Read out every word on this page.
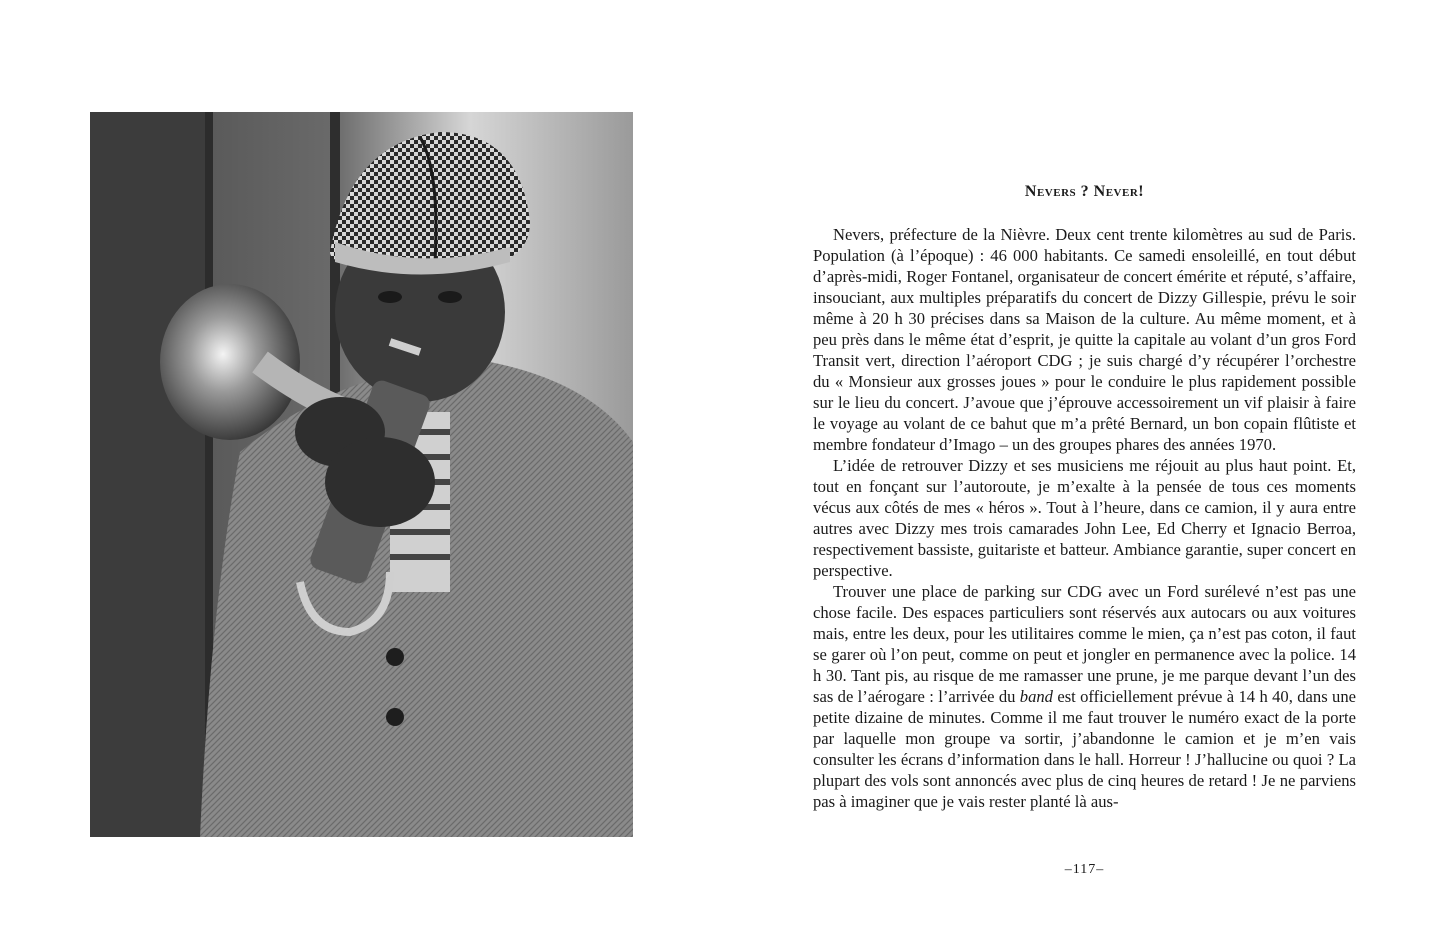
Nevers ? Never!

Nevers, préfecture de la Nièvre. Deux cent trente kilomètres au sud de Paris. Population (à l’époque) : 46 000 habitants. Ce samedi ensoleillé, en tout début d’après-midi, Roger Fontanel, organisateur de concert émérite et réputé, s’affaire, insouciant, aux multiples préparatifs du concert de Dizzy Gillespie, prévu le soir même à 20 h 30 précises dans sa Maison de la culture. Au même moment, et à peu près dans le même état d’esprit, je quitte la capitale au volant d’un gros Ford Transit vert, direction l’aéroport CDG ; je suis chargé d’y récupérer l’orchestre du « Monsieur aux grosses joues » pour le conduire le plus rapidement possible sur le lieu du concert. J’avoue que j’éprouve accessoirement un vif plaisir à faire le voyage au volant de ce bahut que m’a prêté Bernard, un bon copain flûtiste et membre fondateur d’Imago – un des groupes phares des années 1970.

L’idée de retrouver Dizzy et ses musiciens me réjouit au plus haut point. Et, tout en fonçant sur l’autoroute, je m’exalte à la pensée de tous ces moments vécus aux côtés de mes « héros ». Tout à l’heure, dans ce camion, il y aura entre autres avec Dizzy mes trois camarades John Lee, Ed Cherry et Ignacio Berroa, respectivement bassiste, guitariste et batteur. Ambiance garantie, super concert en perspective.

Trouver une place de parking sur CDG avec un Ford surélevé n’est pas une chose facile. Des espaces particuliers sont réservés aux autocars ou aux voitures mais, entre les deux, pour les utilitaires comme le mien, ça n’est pas coton, il faut se garer où l’on peut, comme on peut et jongler en permanence avec la police. 14 h 30. Tant pis, au risque de me ramasser une prune, je me parque devant l’un des sas de l’aérogare : l’arrivée du band est officiellement prévue à 14 h 40, dans une petite dizaine de minutes. Comme il me faut trouver le numéro exact de la porte par laquelle mon groupe va sortir, j’abandonne le camion et je m’en vais consulter les écrans d’information dans le hall. Horreur ! J’hallucine ou quoi ? La plupart des vols sont annoncés avec plus de cinq heures de retard ! Je ne parviens pas à imaginer que je vais rester planté là aus-

–117–
